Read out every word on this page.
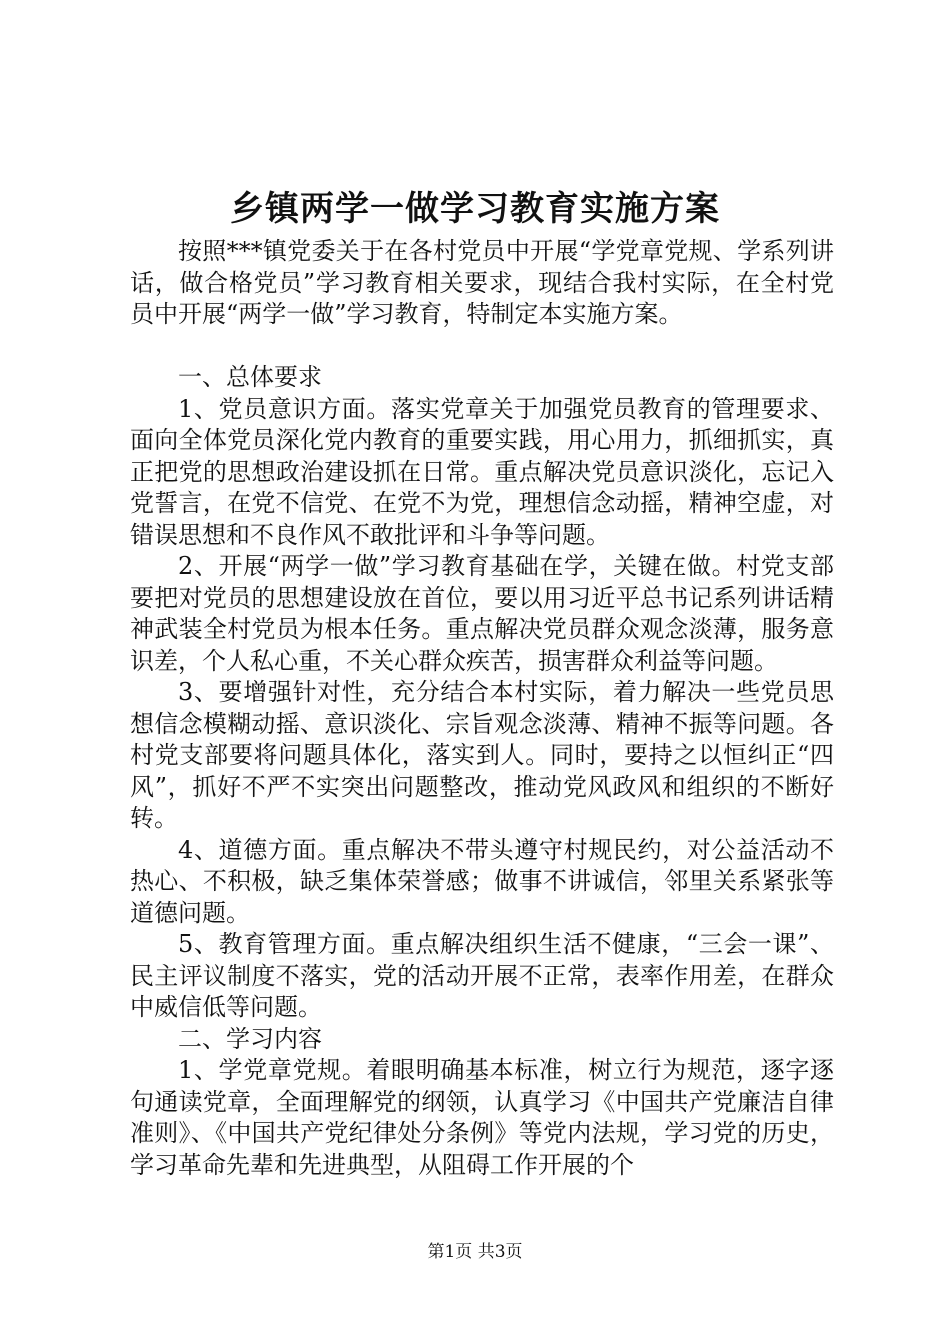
乡镇两学一做学习教育实施方案

按照***镇党委关于在各村党员中开展“学党章党规、学系列讲话，做合格党员”学习教育相关要求，现结合我村实际，在全村党员中开展“两学一做”学习教育，特制定本实施方案。

一、总体要求

1、党员意识方面。落实党章关于加强党员教育的管理要求、面向全体党员深化党内教育的重要实践，用心用力，抓细抓实，真正把党的思想政治建设抓在日常。重点解决党员意识淡化，忘记入党誓言，在党不信党、在党不为党，理想信念动摇，精神空虚，对错误思想和不良作风不敢批评和斗争等问题。

2、开展“两学一做”学习教育基础在学，关键在做。村党支部要把对党员的思想建设放在首位，要以用习近平总书记系列讲话精神武装全村党员为根本任务。重点解决党员群众观念淡薄，服务意识差，个人私心重，不关心群众疾苦，损害群众利益等问题。

3、要增强针对性，充分结合本村实际，着力解决一些党员思想信念模糊动摇、意识淡化、宗旨观念淡薄、精神不振等问题。各村党支部要将问题具体化，落实到人。同时，要持之以恒纠正“四风”，抓好不严不实突出问题整改，推动党风政风和组织的不断好转。

4、道德方面。重点解决不带头遵守村规民约，对公益活动不热心、不积极，缺乏集体荣誉感；做事不讲诚信，邻里关系紧张等道德问题。

5、教育管理方面。重点解决组织生活不健康，“三会一课”、民主评议制度不落实，党的活动开展不正常，表率作用差，在群众中威信低等问题。

二、学习内容

1、学党章党规。着眼明确基本标准，树立行为规范，逐字逐句通读党章，全面理解党的纲领，认真学习《中国共产党廉洁自律准则》、《中国共产党纪律处分条例》等党内法规，学习党的历史，学习革命先辈和先进典型，从阻碍工作开展的个

第1页 共3页
